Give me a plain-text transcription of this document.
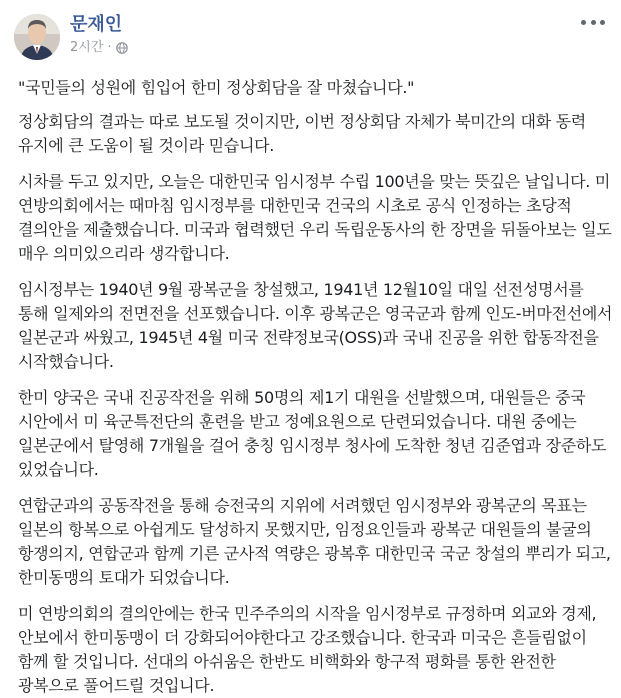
문재인
2시간 ·

"국민들의 성원에 힘입어 한미 정상회담을 잘 마쳤습니다."

정상회담의 결과는 따로 보도될 것이지만, 이번 정상회담 자체가 북미간의 대화 동력 유지에 큰 도움이 될 것이라 믿습니다.

시차를 두고 있지만, 오늘은 대한민국 임시정부 수립 100년을 맞는 뜻깊은 날입니다. 미 연방의회에서는 때마침 임시정부를 대한민국 건국의 시초로 공식 인정하는 초당적 결의안을 제출했습니다. 미국과 협력했던 우리 독립운동사의 한 장면을 뒤돌아보는 일도 매우 의미있으리라 생각합니다.

임시정부는 1940년 9월 광복군을 창설했고, 1941년 12월10일 대일 선전성명서를 통해 일제와의 전면전을 선포했습니다. 이후 광복군은 영국군과 함께 인도-버마전선에서 일본군과 싸웠고, 1945년 4월 미국 전략정보국(OSS)과 국내 진공을 위한 합동작전을 시작했습니다.

한미 양국은 국내 진공작전을 위해 50명의 제1기 대원을 선발했으며, 대원들은 중국 시안에서 미 육군특전단의 훈련을 받고 정예요원으로 단련되었습니다. 대원 중에는 일본군에서 탈영해 7개월을 걸어 충칭 임시정부 청사에 도착한 청년 김준엽과 장준하도 있었습니다.

연합군과의 공동작전을 통해 승전국의 지위에 서려했던 임시정부와 광복군의 목표는 일본의 항복으로 아쉽게도 달성하지 못했지만, 임정요인들과 광복군 대원들의 불굴의 항쟁의지, 연합군과 함께 기른 군사적 역량은 광복후 대한민국 국군 창설의 뿌리가 되고, 한미동맹의 토대가 되었습니다.

미 연방의회의 결의안에는 한국 민주주의의 시작을 임시정부로 규정하며 외교와 경제, 안보에서 한미동맹이 더 강화되어야한다고 강조했습니다. 한국과 미국은 흔들림없이 함께 할 것입니다. 선대의 아쉬움은 한반도 비핵화와 항구적 평화를 통한 완전한 광복으로 풀어드릴 것입니다.
